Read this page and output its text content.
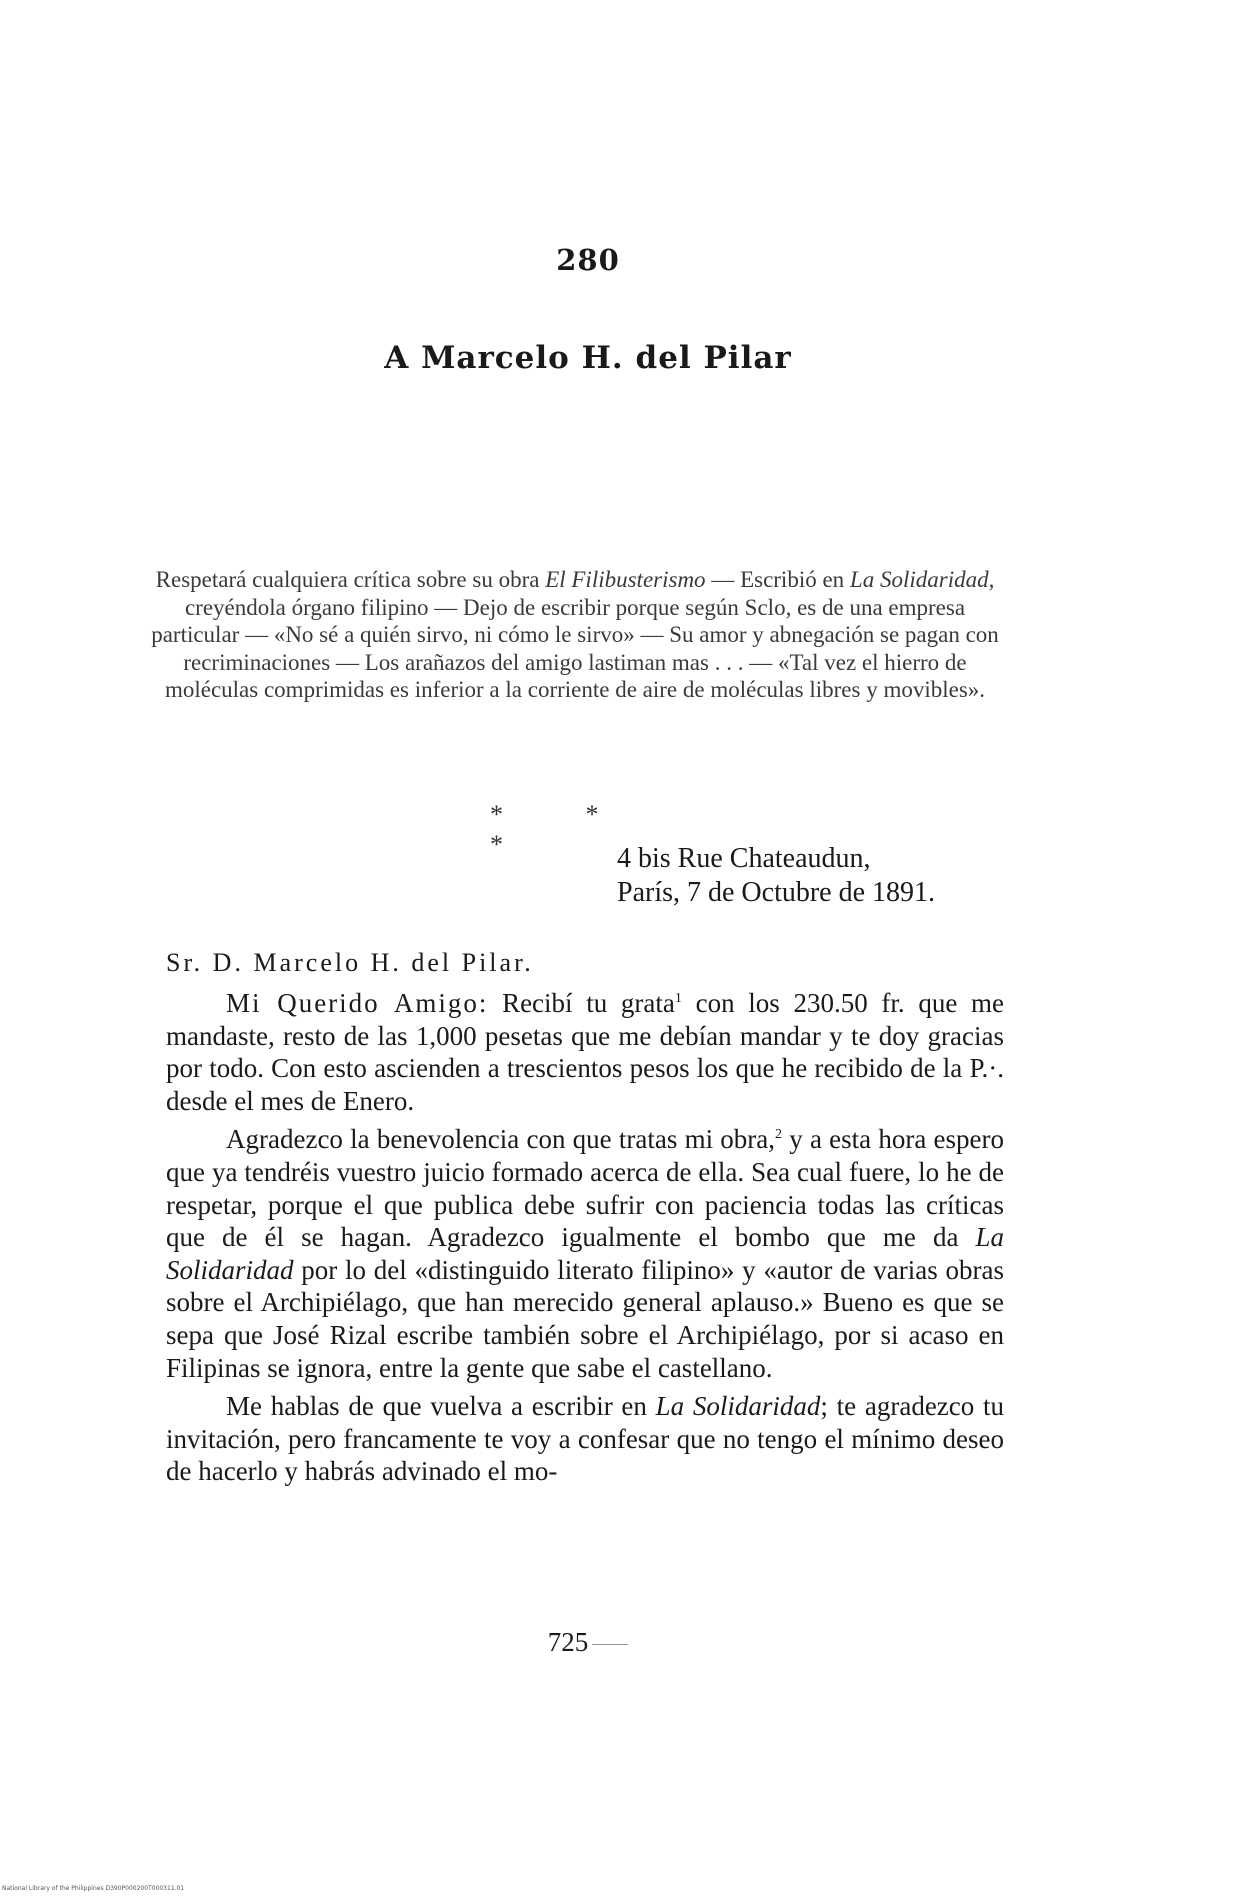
280
A Marcelo H. del Pilar
Respetará cualquiera crítica sobre su obra El Filibusterismo — Escribió en La Solidaridad, creyéndola órgano filipino — Dejo de escribir porque según Sclo, es de una empresa particular — «No sé a quién sirvo, ni cómo le sirvo» — Su amor y abnegación se pagan con recriminaciones — Los arañazos del amigo lastiman mas . . . — «Tal vez el hierro de moléculas comprimidas es inferior a la corriente de aire de moléculas libres y movibles».
* * *	4 bis Rue Chateaudun,
París, 7 de Octubre de 1891.
Sr. D. Marcelo H. del Pilar.

Mi Querido Amigo: Recibí tu grata$^1$ con los 230.50 fr. que me mandaste, resto de las 1,000 pesetas que me debían mandar y te doy gracias por todo. Con esto ascienden a trescientos pesos los que he recibido de la P.·. desde el mes de Enero.

Agradezco la benevolencia con que tratas mi obra,$^2$ y a esta hora espero que ya tendréis vuestro juicio formado acerca de ella. Sea cual fuere, lo he de respetar, porque el que publica debe sufrir con paciencia todas las críticas que de él se hagan. Agradezco igualmente el bombo que me da La Solidaridad por lo del «distinguido literato filipino» y «autor de varias obras sobre el Archipiélago, que han merecido general aplauso.» Bueno es que se sepa que José Rizal escribe también sobre el Archipiélago, por si acaso en Filipinas se ignora, entre la gente que sabe el castellano.

Me hablas de que vuelva a escribir en La Solidaridad; te agradezco tu invitación, pero francamente te voy a confesar que no tengo el mínimo deseo de hacerlo y habrás advinado el mo-

725
National Library of the Philippines D390P000200T000311.01
